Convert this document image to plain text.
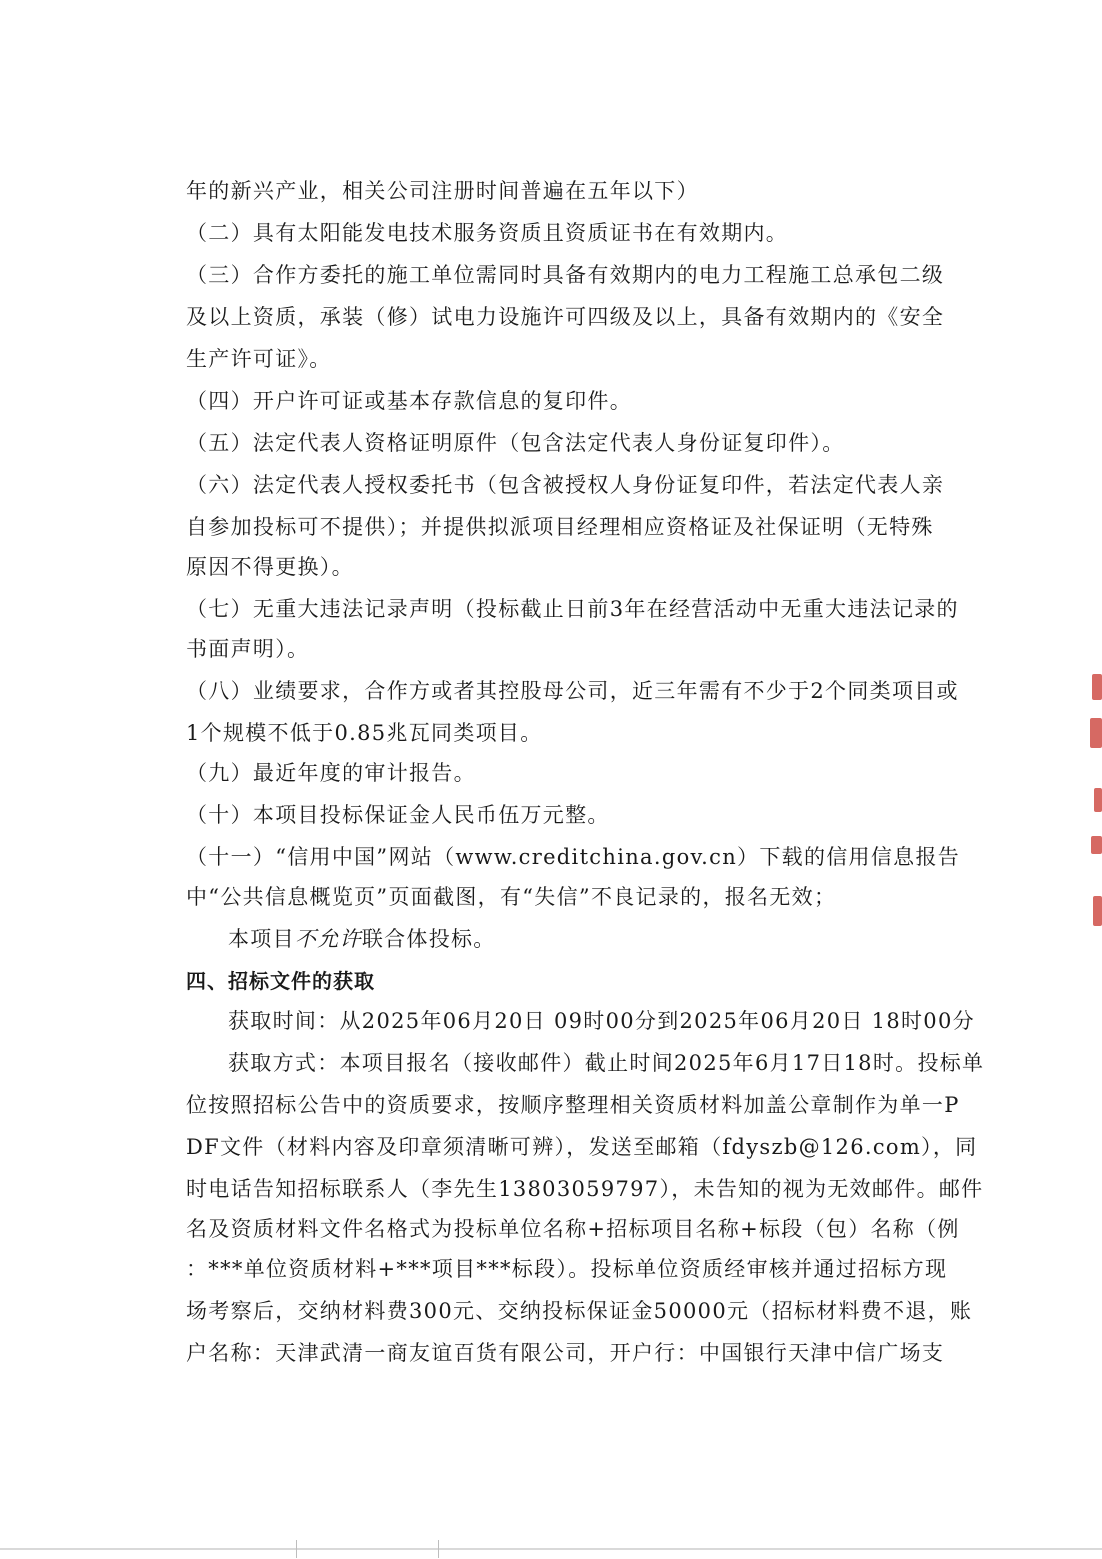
年的新兴产业，相关公司注册时间普遍在五年以下）

（二）具有太阳能发电技术服务资质且资质证书在有效期内。

（三）合作方委托的施工单位需同时具备有效期内的电力工程施工总承包二级

及以上资质，承装（修）试电力设施许可四级及以上，具备有效期内的《安全

生产许可证》。

（四）开户许可证或基本存款信息的复印件。

（五）法定代表人资格证明原件（包含法定代表人身份证复印件）。

（六）法定代表人授权委托书（包含被授权人身份证复印件，若法定代表人亲

自参加投标可不提供）；并提供拟派项目经理相应资格证及社保证明（无特殊

原因不得更换）。

（七）无重大违法记录声明（投标截止日前3年在经营活动中无重大违法记录的

书面声明）。

（八）业绩要求，合作方或者其控股母公司，近三年需有不少于2个同类项目或

1个规模不低于0.85兆瓦同类项目。

（九）最近年度的审计报告。

（十）本项目投标保证金人民币伍万元整。

（十一）“信用中国”网站（www.creditchina.gov.cn）下载的信用信息报告

中“公共信息概览页”页面截图，有“失信”不良记录的，报名无效；

本项目不允许联合体投标。

四、招标文件的获取

获取时间：从2025年06月20日 09时00分到2025年06月20日 18时00分

获取方式：本项目报名（接收邮件）截止时间2025年6月17日18时。投标单

位按照招标公告中的资质要求，按顺序整理相关资质材料加盖公章制作为单一P

DF文件（材料内容及印章须清晰可辨），发送至邮箱（fdyszb@126.com），同

时电话告知招标联系人（李先生13803059797），未告知的视为无效邮件。邮件

名及资质材料文件名格式为投标单位名称+招标项目名称+标段（包）名称（例

：***单位资质材料+***项目***标段）。投标单位资质经审核并通过招标方现

场考察后，交纳材料费300元、交纳投标保证金50000元（招标材料费不退，账

户名称：天津武清一商友谊百货有限公司，开户行：中国银行天津中信广场支
